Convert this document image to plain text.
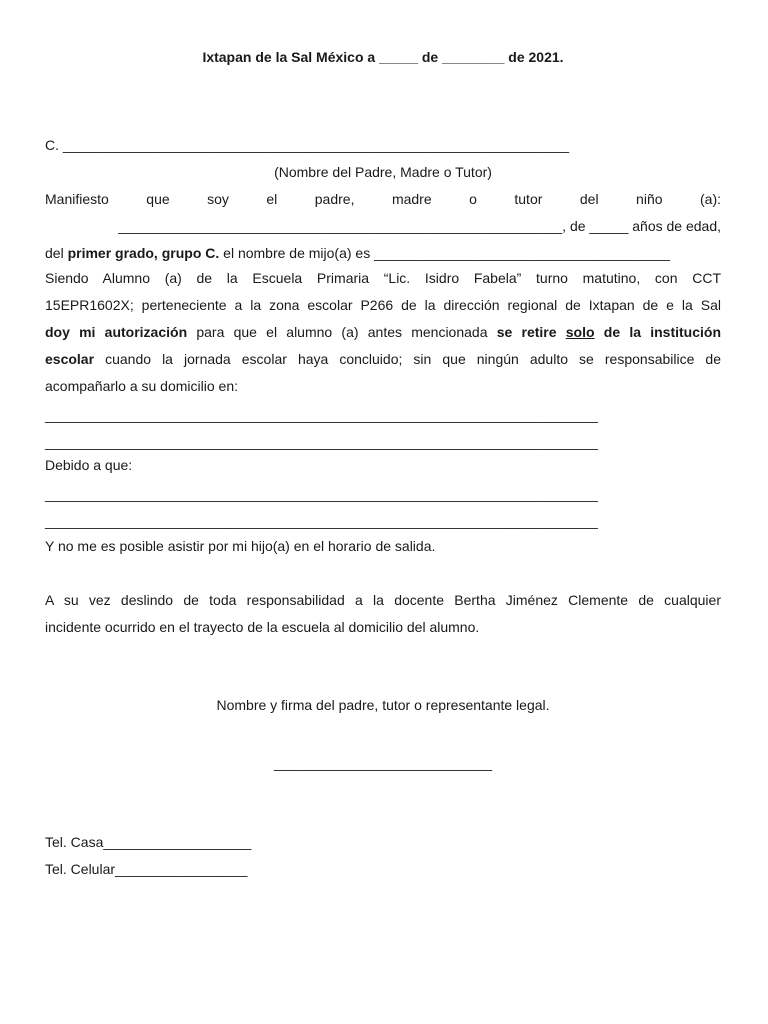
Ixtapan de la Sal México a _____ de ________ de 2021.
C. _________________________________________________________________
(Nombre del Padre, Madre o Tutor)
Manifiesto que soy el padre, madre o tutor del niño (a):
_________________________________________________________, de _____ años de edad,
del primer grado, grupo C. el nombre de mijo(a) es ______________________________________
Siendo Alumno (a) de la Escuela Primaria “Lic. Isidro Fabela” turno matutino, con CCT
15EPR1602X; perteneciente a la zona escolar P266 de la dirección regional de Ixtapan de e la Sal
doy mi autorización para que el alumno (a) antes mencionada se retire solo de la institución
escolar cuando la jornada escolar haya concluido; sin que ningún adulto se responsabilice de
acompañarlo a su domicilio en:
_______________________________________________________________________
_______________________________________________________________________
Debido a que:
_______________________________________________________________________
_______________________________________________________________________
Y no me es posible asistir por mi hijo(a) en el horario de salida.
A su vez deslindo de toda responsabilidad a la docente Bertha Jiménez Clemente de cualquier
incidente ocurrido en el trayecto de la escuela al domicilio del alumno.
Nombre y firma del padre, tutor o representante legal.
____________________________
Tel. Casa___________________
Tel. Celular_________________
